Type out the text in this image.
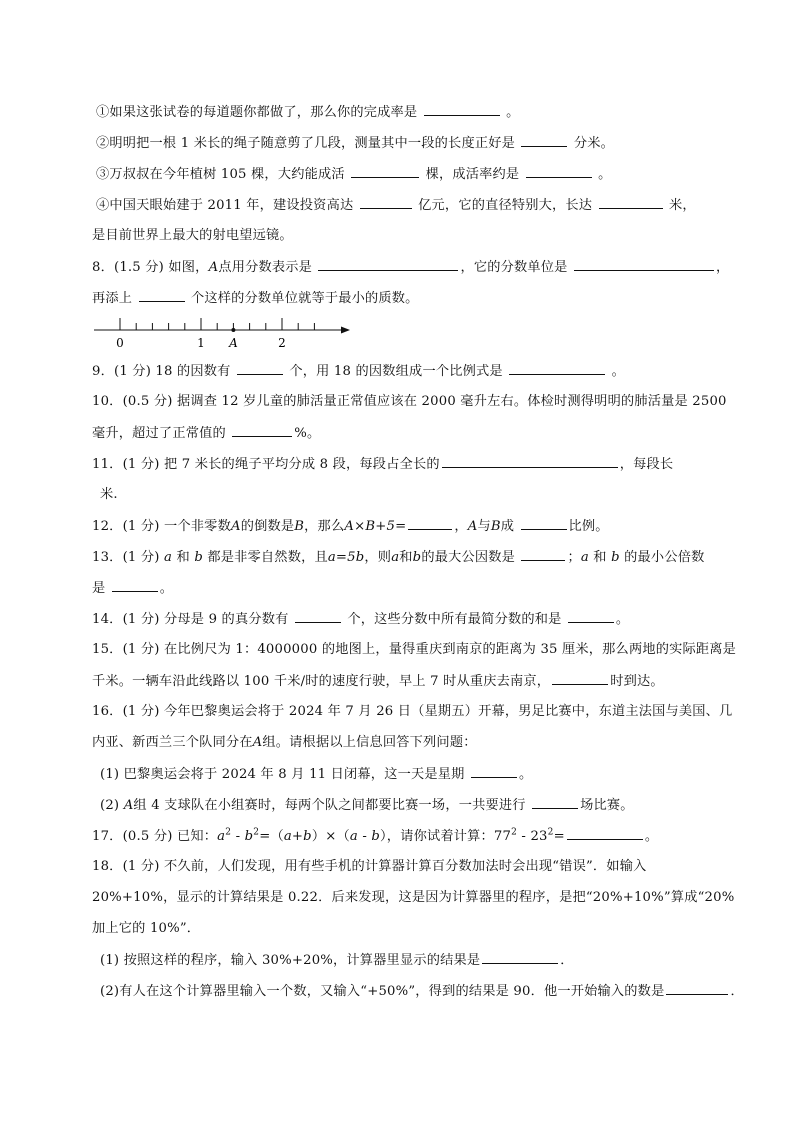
①如果这张试卷的每道题你都做了，那么你的完成率是	。
②明明把一根 1 米长的绳子随意剪了几段，测量其中一段的长度正好是	分米。
③万叔叔在今年植树 105 棵，大约能成活	棵，成活率约是	。
④中国天眼始建于 2011 年，建设投资高达	亿元，它的直径特别大，长达	米，
是目前世界上最大的射电望远镜。
8．(1.5 分) 如图，A点用分数表示是	，它的分数单位是	，
再添上	个这样的分数单位就等于最小的质数。
0	1 A	2
9．(1 分) 18 的因数有	个，用 18 的因数组成一个比例式是	。
10．(0.5 分) 据调查 12 岁儿童的肺活量正常值应该在 2000 毫升左右。体检时测得明明的肺活量是 2500
毫升，超过了正常值的	%。
11．(1 分) 把 7 米长的绳子平均分成 8 段，每段占全长的	，每段长
米.
12．(1 分) 一个非零数A的倒数是B，那么A×B+5=	，A与B成	比例。
13．(1 分) a 和 b 都是非零自然数，且a=5b，则a和b的最大公因数是	；a 和 b 的最小公倍数
是	。
14．(1 分) 分母是 9 的真分数有	个，这些分数中所有最简分数的和是	。
15．(1 分) 在比例尺为 1：4000000 的地图上，量得重庆到南京的距离为 35 厘米，那么两地的实际距离是
千米。一辆车沿此线路以 100 千米/时的速度行驶，早上 7 时从重庆去南京，	时到达。
16．(1 分) 今年巴黎奥运会将于 2024 年 7 月 26 日（星期五）开幕，男足比赛中，东道主法国与美国、几
内亚、新西兰三个队同分在A组。请根据以上信息回答下列问题：
(1) 巴黎奥运会将于 2024 年 8 月 11 日闭幕，这一天是星期	。
(2) A组 4 支球队在小组赛时，每两个队之间都要比赛一场，一共要进行	场比赛。
17．(0.5 分) 已知：$a^2 - b^2=(a+b)\times(a - b)$，请你试着计算：$77^2 - 23^2=$	。
18．(1 分) 不久前，人们发现，用有些手机的计算器计算百分数加法时会出现“错误”．如输入
20%+10%，显示的计算结果是 0.22．后来发现，这是因为计算器里的程序，是把“20%+10%”算成“20%
加上它的 10%”．
(1) 按照这样的程序，输入 30%+20%，计算器里显示的结果是	．
(2)有人在这个计算器里输入一个数，又输入“+50%”，得到的结果是 90．他一开始输入的数是	．
